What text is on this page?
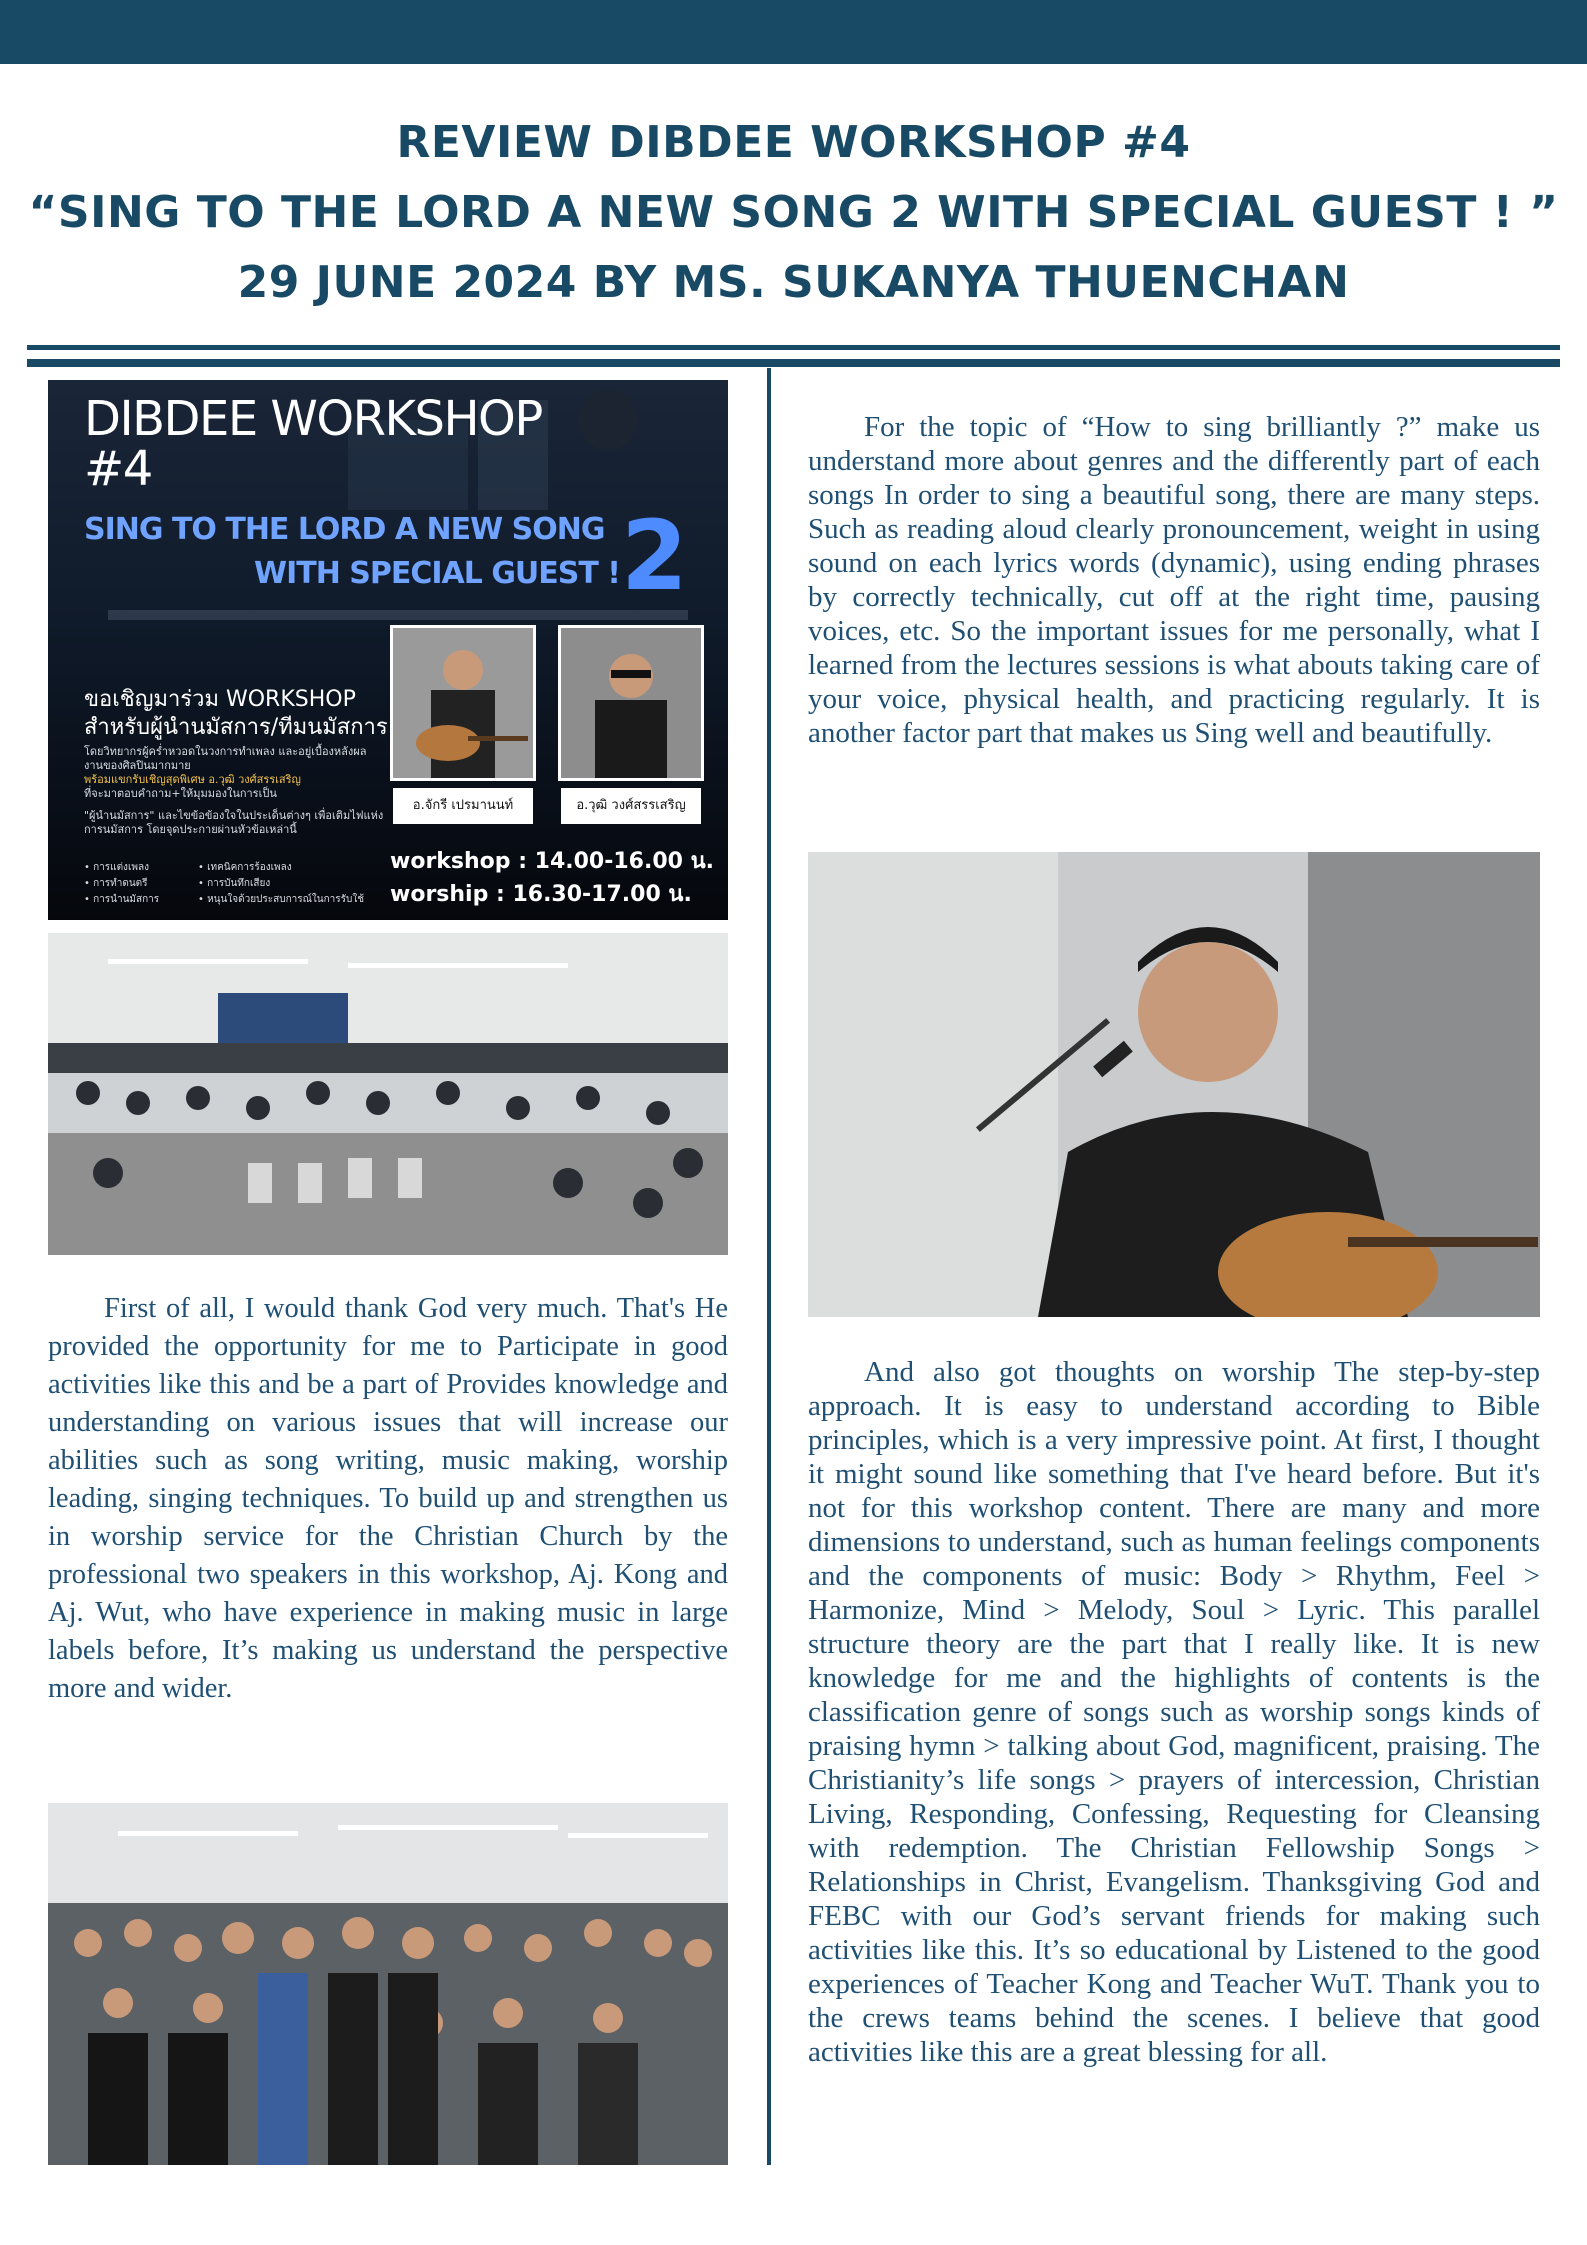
REVIEW DIBDEE WORKSHOP #4
“SING TO THE LORD A NEW SONG 2 WITH SPECIAL GUEST ! ”
29 JUNE 2024 BY MS. SUKANYA THUENCHAN
DIBDEE WORKSHOP #4
SING TO THE LORD A NEW SONG
WITH SPECIAL GUEST ! 2
ขอเชิญมาร่วม WORKSHOP
สำหรับผู้นำนมัสการ/ทีมนมัสการ
โดยวิทยากรผู้คร่ำหวอดในวงการทำเพลง และอยู่เบื้องหลังผลงานของศิลปินมากมาย
พร้อมแขกรับเชิญสุดพิเศษ อ.วุฒิ วงศ์สรรเสริญ
ที่จะมาตอบคำถาม+ให้มุมมองในการเป็น
"ผู้นำนมัสการ" และไขข้อข้องใจในประเด็นต่างๆ เพื่อเติมไฟแห่งการนมัสการ โดยจุดประกายผ่านหัวข้อเหล่านี้
• การแต่งเพลง
• การทำดนตรี
• การนำนมัสการ
• เทคนิคการร้องเพลง
• การบันทึกเสียง
• หนุนใจด้วยประสบการณ์ในการรับใช้
อ.จักรี เปรมานนท์	อ.วุฒิ วงศ์สรรเสริญ
workshop : 14.00-16.00 น.
worship : 16.30-17.00 น.
First of all, I would thank God very much. That's He provided the opportunity for me to Participate in good activities like this and be a part of Provides knowledge and understanding on various issues that will increase our abilities such as song writing, music making, worship leading, singing techniques. To build up and strengthen us in worship service for the Christian Church by the professional two speakers in this workshop, Aj. Kong and Aj. Wut, who have experience in making music in large labels before, It’s making us understand the perspective more and wider.
For the topic of “How to sing brilliantly ?” make us understand more about genres and the differently part of each songs In order to sing a beautiful song, there are many steps. Such as reading aloud clearly pronouncement, weight in using sound on each lyrics words (dynamic), using ending phrases by correctly technically, cut off at the right time, pausing voices, etc. So the important issues for me personally, what I learned from the lectures sessions is what abouts taking care of your voice, physical health, and practicing regularly. It is another factor part that makes us Sing well and beautifully.
And also got thoughts on worship The step-by-step approach. It is easy to understand according to Bible principles, which is a very impressive point. At first, I thought it might sound like something that I've heard before. But it's not for this workshop content. There are many and more dimensions to understand, such as human feelings components and the components of music: Body > Rhythm, Feel > Harmonize, Mind > Melody, Soul > Lyric. This parallel structure theory are the part that I really like. It is new knowledge for me and the highlights of contents is the classification genre of songs such as worship songs kinds of praising hymn > talking about God, magnificent, praising. The Christianity’s life songs > prayers of intercession, Christian Living, Responding, Confessing, Requesting for Cleansing with redemption. The Christian Fellowship Songs > Relationships in Christ, Evangelism. Thanksgiving God and FEBC with our God’s servant friends for making such activities like this. It’s so educational by Listened to the good experiences of Teacher Kong and Teacher WuT. Thank you to the crews teams behind the scenes. I believe that good activities like this are a great blessing for all.
